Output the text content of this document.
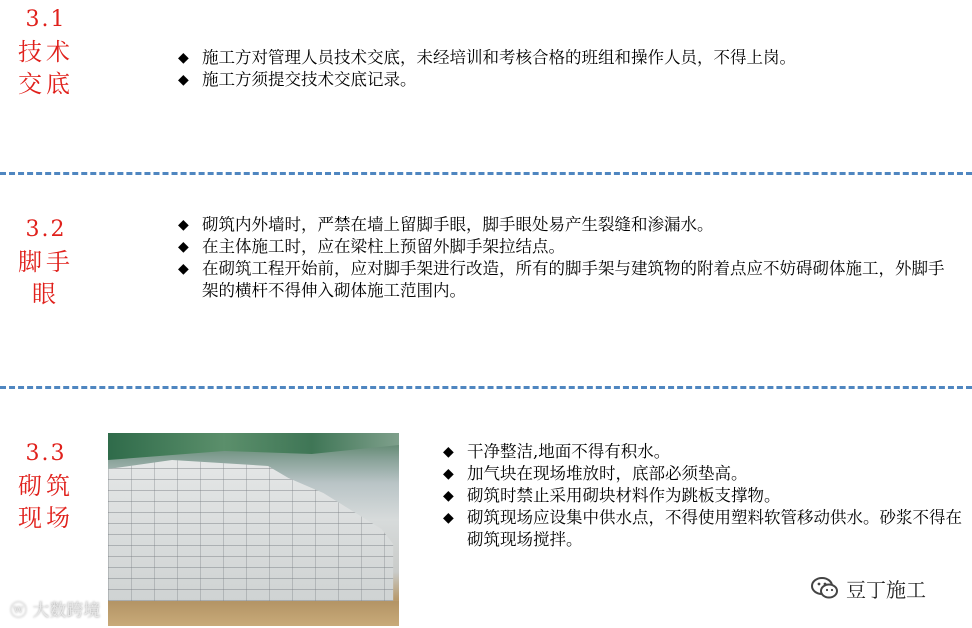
3.1
技术
交底
◆ 施工方对管理人员技术交底，未经培训和考核合格的班组和操作人员，不得上岗。
◆ 施工方须提交技术交底记录。
3.2
脚手
眼
◆ 砌筑内外墙时，严禁在墙上留脚手眼，脚手眼处易产生裂缝和渗漏水。
◆ 在主体施工时，应在梁柱上预留外脚手架拉结点。
◆ 在砌筑工程开始前，应对脚手架进行改造，所有的脚手架与建筑物的附着点应不妨碍砌体施工，外脚手架的横杆不得伸入砌体施工范围内。
3.3
砌筑
现场
◆ 干净整洁,地面不得有积水。
◆ 加气块在现场堆放时，底部必须垫高。
◆ 砌筑时禁止采用砌块材料作为跳板支撑物。
◆ 砌筑现场应设集中供水点，不得使用塑料软管移动供水。砂浆不得在砌筑现场搅拌。
ⓦ 大数跨境
豆丁施工
